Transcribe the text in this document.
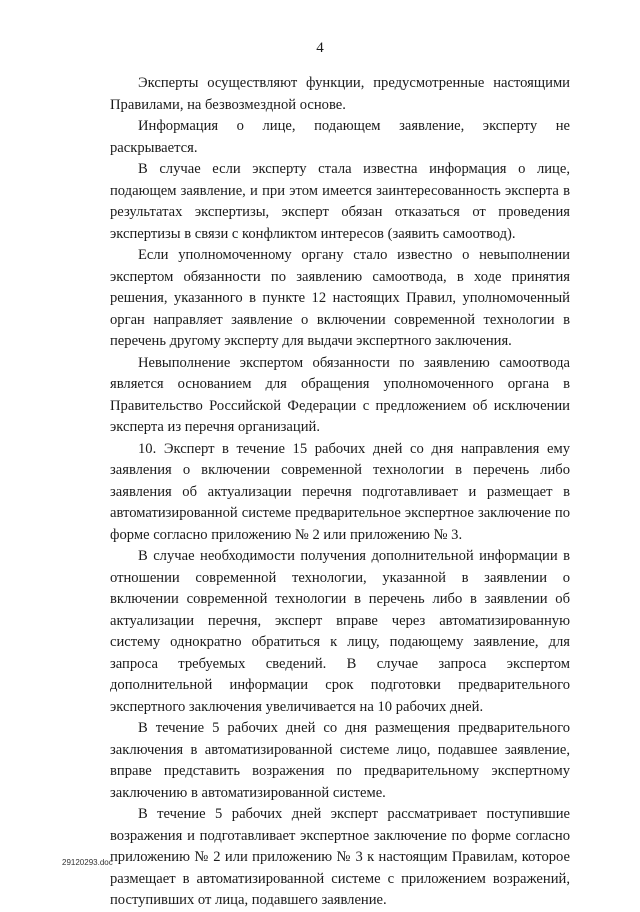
4

Эксперты осуществляют функции, предусмотренные настоящими Правилами, на безвозмездной основе.

Информация о лице, подающем заявление, эксперту не раскрывается.

В случае если эксперту стала известна информация о лице, подающем заявление, и при этом имеется заинтересованность эксперта в результатах экспертизы, эксперт обязан отказаться от проведения экспертизы в связи с конфликтом интересов (заявить самоотвод).

Если уполномоченному органу стало известно о невыполнении экспертом обязанности по заявлению самоотвода, в ходе принятия решения, указанного в пункте 12 настоящих Правил, уполномоченный орган направляет заявление о включении современной технологии в перечень другому эксперту для выдачи экспертного заключения.

Невыполнение экспертом обязанности по заявлению самоотвода является основанием для обращения уполномоченного органа в Правительство Российской Федерации с предложением об исключении эксперта из перечня организаций.

10. Эксперт в течение 15 рабочих дней со дня направления ему заявления о включении современной технологии в перечень либо заявления об актуализации перечня подготавливает и размещает в автоматизированной системе предварительное экспертное заключение по форме согласно приложению № 2 или приложению № 3.

В случае необходимости получения дополнительной информации в отношении современной технологии, указанной в заявлении о включении современной технологии в перечень либо в заявлении об актуализации перечня, эксперт вправе через автоматизированную систему однократно обратиться к лицу, подающему заявление, для запроса требуемых сведений. В случае запроса экспертом дополнительной информации срок подготовки предварительного экспертного заключения увеличивается на 10 рабочих дней.

В течение 5 рабочих дней со дня размещения предварительного заключения в автоматизированной системе лицо, подавшее заявление, вправе представить возражения по предварительному экспертному заключению в автоматизированной системе.

В течение 5 рабочих дней эксперт рассматривает поступившие возражения и подготавливает экспертное заключение по форме согласно приложению № 2 или приложению № 3 к настоящим Правилам, которое размещает в автоматизированной системе с приложением возражений, поступивших от лица, подавшего заявление.

29120293.doc
